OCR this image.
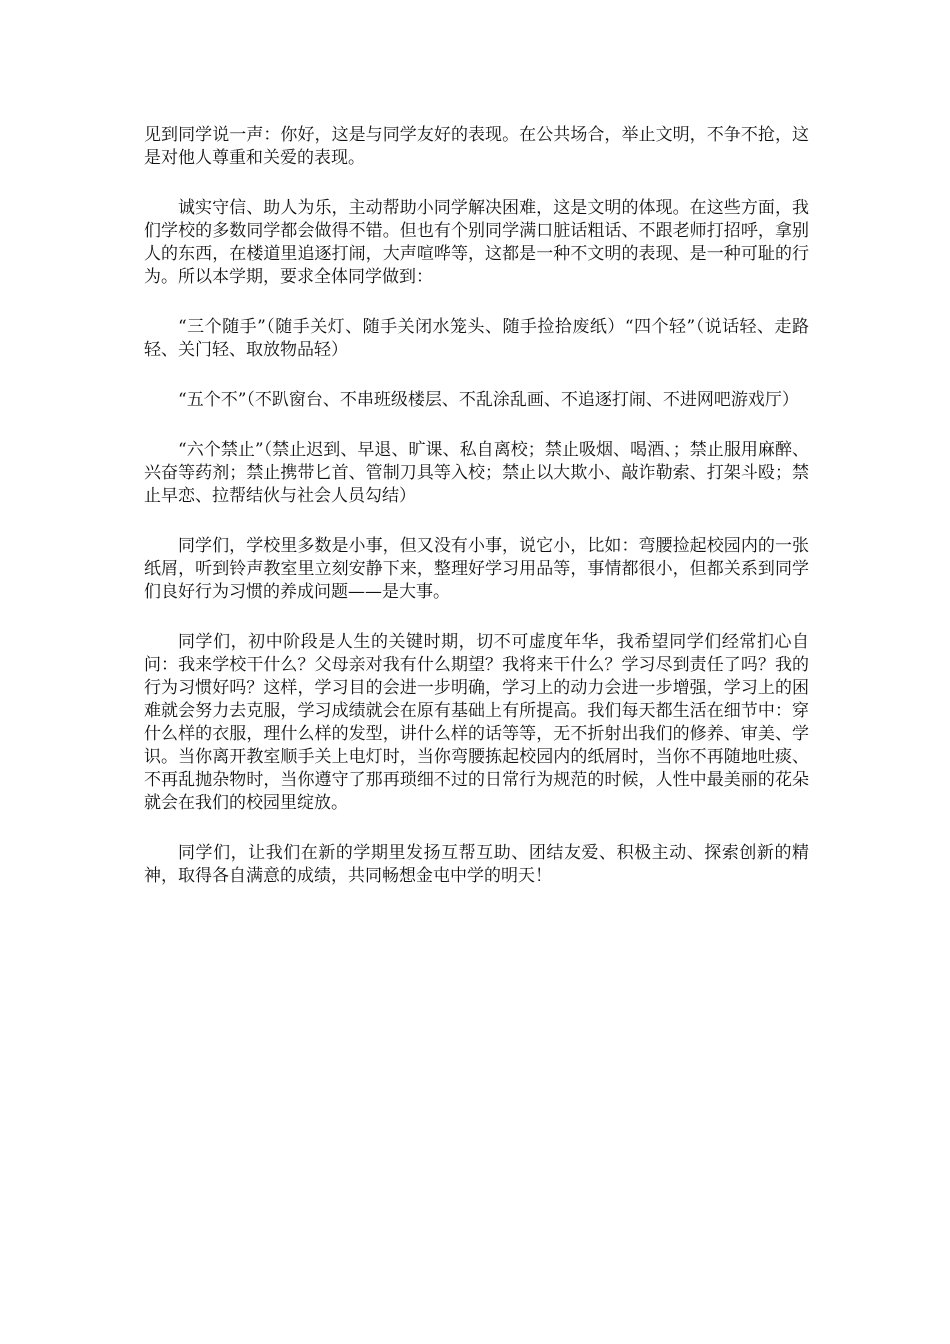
见到同学说一声：你好，这是与同学友好的表现。在公共场合，举止文明，不争不抢，这是对他人尊重和关爱的表现。

诚实守信、助人为乐，主动帮助小同学解决困难，这是文明的体现。在这些方面，我们学校的多数同学都会做得不错。但也有个别同学满口脏话粗话、不跟老师打招呼，拿别人的东西，在楼道里追逐打闹，大声喧哗等，这都是一种不文明的表现、是一种可耻的行为。所以本学期，要求全体同学做到：

“三个随手”（随手关灯、随手关闭水笼头、随手捡拾废纸）“四个轻”（说话轻、走路轻、关门轻、取放物品轻）

“五个不”（不趴窗台、不串班级楼层、不乱涂乱画、不追逐打闹、不进网吧游戏厅）

“六个禁止”（禁止迟到、早退、旷课、私自离校；禁止吸烟、喝酒、；禁止服用麻醉、兴奋等药剂；禁止携带匕首、管制刀具等入校；禁止以大欺小、敲诈勒索、打架斗殴；禁止早恋、拉帮结伙与社会人员勾结）

同学们，学校里多数是小事，但又没有小事，说它小，比如：弯腰捡起校园内的一张纸屑，听到铃声教室里立刻安静下来，整理好学习用品等，事情都很小，但都关系到同学们良好行为习惯的养成问题——是大事。

同学们，初中阶段是人生的关键时期，切不可虚度年华，我希望同学们经常扪心自问：我来学校干什么？父母亲对我有什么期望？我将来干什么？学习尽到责任了吗？我的行为习惯好吗？这样，学习目的会进一步明确，学习上的动力会进一步增强，学习上的困难就会努力去克服，学习成绩就会在原有基础上有所提高。我们每天都生活在细节中：穿什么样的衣服，理什么样的发型，讲什么样的话等等，无不折射出我们的修养、审美、学识。当你离开教室顺手关上电灯时，当你弯腰拣起校园内的纸屑时，当你不再随地吐痰、不再乱抛杂物时，当你遵守了那再琐细不过的日常行为规范的时候，人性中最美丽的花朵就会在我们的校园里绽放。

同学们，让我们在新的学期里发扬互帮互助、团结友爱、积极主动、探索创新的精神，取得各自满意的成绩，共同畅想金屯中学的明天！
